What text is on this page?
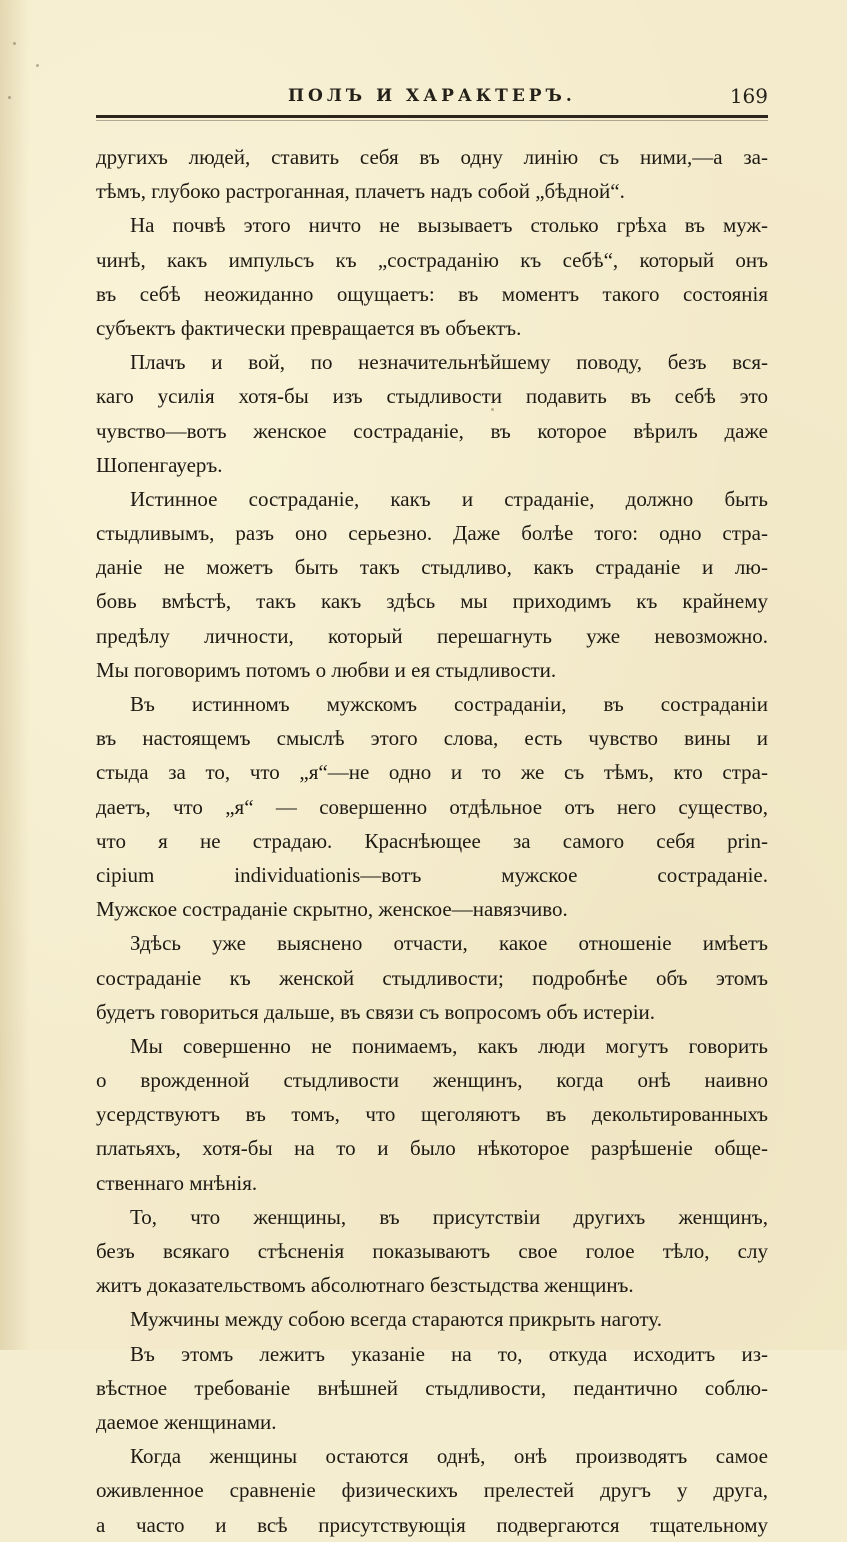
ПОЛЪ И ХАРАКТЕРЪ.	169
другихъ людей, ставить себя въ одну линію съ ними,—а за-
тѣмъ, глубоко растроганная, плачетъ надъ собой „бѣдной“.
На почвѣ этого ничто не вызываетъ столько грѣха въ муж-
чинѣ, какъ импульсъ къ „состраданію къ себѣ“, который онъ
въ себѣ неожиданно ощущаетъ: въ моментъ такого состоянія
субъектъ фактически превращается въ объектъ.
Плачъ и вой, по незначительнѣйшему поводу, безъ вся-
каго усилія хотя-бы изъ стыдливости подавить въ себѣ это
чувство—вотъ женское состраданіе, въ которое вѣрилъ даже
Шопенгауеръ.
Истинное состраданіе, какъ и страданіе, должно быть
стыдливымъ, разъ оно серьезно. Даже болѣе того: одно стра-
даніе не можетъ быть такъ стыдливо, какъ страданіе и лю-
бовь вмѣстѣ, такъ какъ здѣсь мы приходимъ къ крайнему
предѣлу личности, который перешагнуть уже невозможно.
Мы поговоримъ потомъ о любви и ея стыдливости.
Въ истинномъ мужскомъ состраданіи, въ состраданіи
въ настоящемъ смыслѣ этого слова, есть чувство вины и
стыда за то, что „я“—не одно и то же съ тѣмъ, кто стра-
даетъ, что „я“ — совершенно отдѣльное отъ него существо,
что я не страдаю. Краснѣющее за самого себя prin-
cipium individuationis—вотъ мужское состраданіе.
Мужское состраданіе скрытно, женское—навязчиво.
Здѣсь уже выяснено отчасти, какое отношеніе имѣетъ
состраданіе къ женской стыдливости; подробнѣе объ этомъ
будетъ говориться дальше, въ связи съ вопросомъ объ истеріи.
Мы совершенно не понимаемъ, какъ люди могутъ говорить
о врожденной стыдливости женщинъ, когда онѣ наивно
усердствуютъ въ томъ, что щеголяютъ въ декольтированныхъ
платьяхъ, хотя-бы на то и было нѣкоторое разрѣшеніе обще-
ственнаго мнѣнія.
То, что женщины, въ присутствіи другихъ женщинъ,
безъ всякаго стѣсненія показываютъ свое голое тѣло, слу
житъ доказательствомъ абсолютнаго безстыдства женщинъ.
Мужчины между собою всегда стараются прикрыть наготу.
Въ этомъ лежитъ указаніе на то, откуда исходитъ из-
вѣстное требованіе внѣшней стыдливости, педантично соблю-
даемое женщинами.
Когда женщины остаются однѣ, онѣ производятъ самое
оживленное сравненіе физическихъ прелестей другъ у друга,
а часто и всѣ присутствующія подвергаются тщательному
